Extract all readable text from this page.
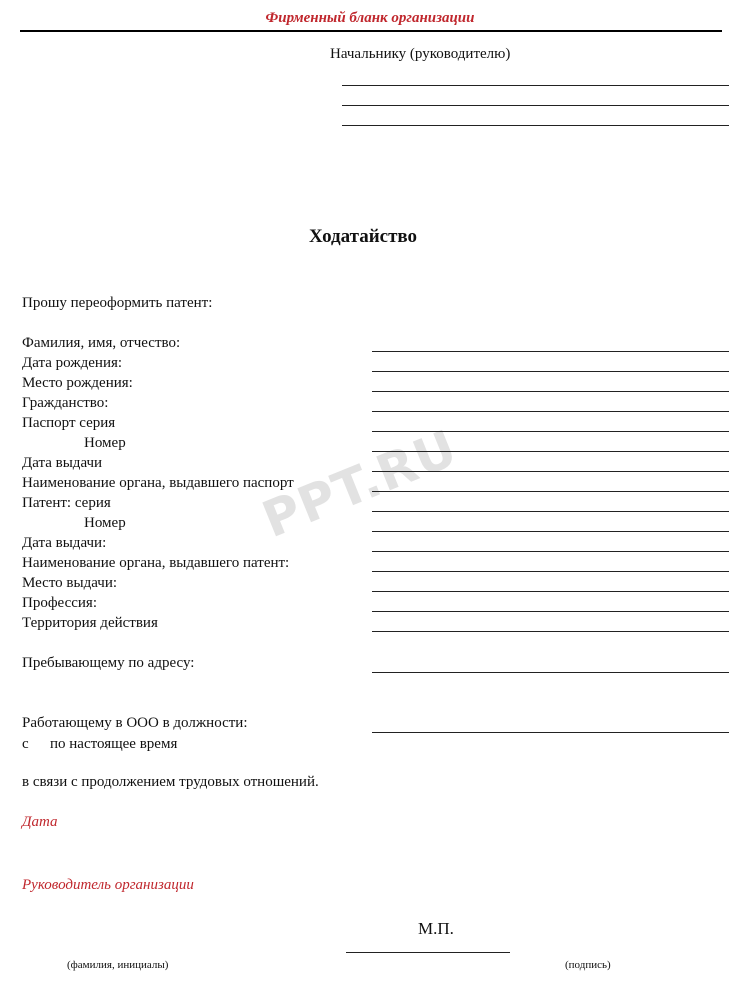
Фирменный бланк организации
Начальнику (руководителю)
Ходатайство
Прошу переоформить патент:
PPT.RU
Фамилия, имя, отчество:
Дата рождения:
Место рождения:
Гражданство:
Паспорт серия
Номер
Дата выдачи
Наименование органа, выдавшего паспорт
Патент: серия
Номер
Дата выдачи:
Наименование органа, выдавшего патент:
Место выдачи:
Профессия:
Территория действия
Пребывающему по адресу:
Работающему в ООО в должности:
с по настоящее время
в связи с продолжением трудовых отношений.
Дата
Руководитель организации
М.П.
(фамилия, инициалы)	(подпись)
